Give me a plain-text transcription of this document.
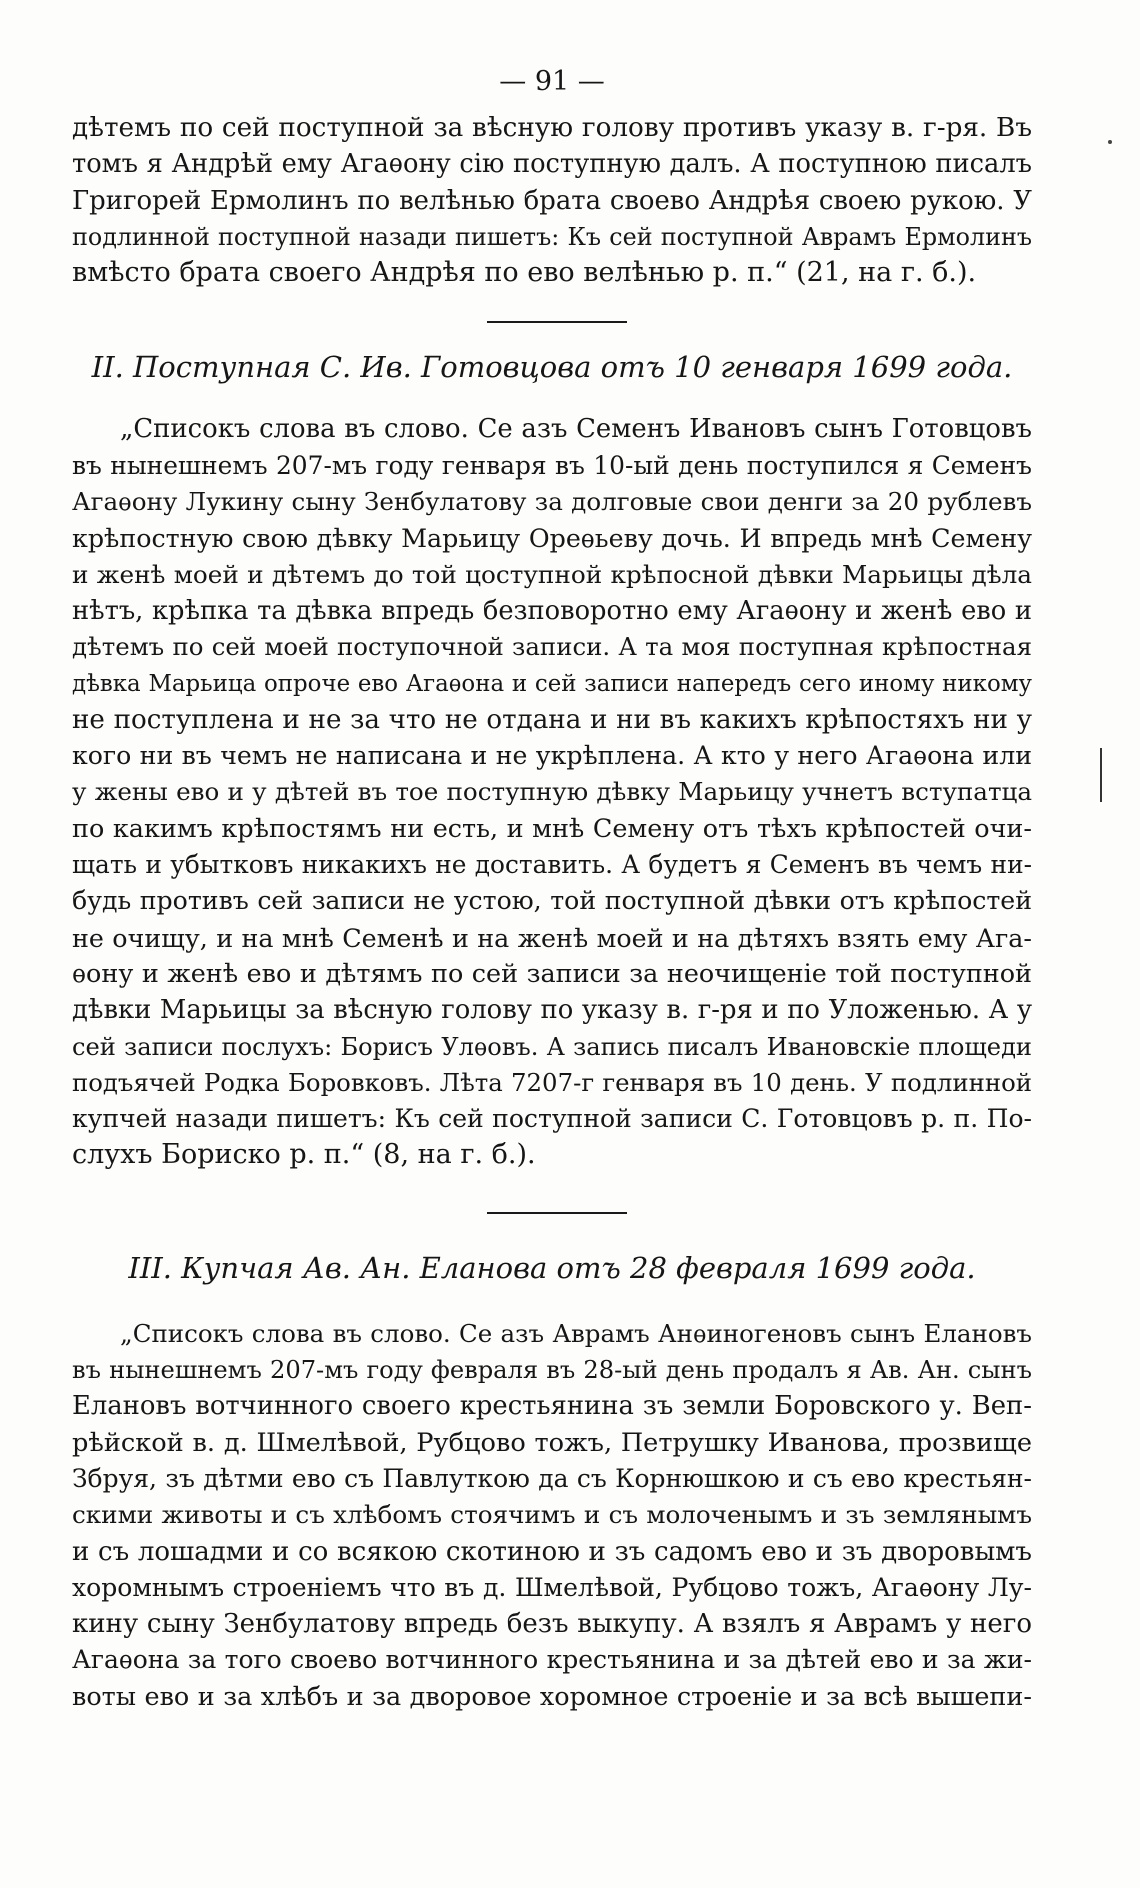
— 91 —
дѣтемъ по сей поступной за вѣсную голову противъ указу в. г-ря. Въ
томъ я Андрѣй ему Агаѳону сiю поступную далъ. А поступною писалъ
Григорей Ермолинъ по велѣнью брата своево Андрѣя своею рукою. У
подлинной поступной назади пишетъ: Къ сей поступной Аврамъ Ермолинъ
вмѣсто брата своего Андрѣя по ево велѣнью р. п.“ (21, на г. б.).
II. Поступная С. Ив. Готовцова отъ 10 генваря 1699 года.
„Списокъ слова въ слово. Се азъ Семенъ Ивановъ сынъ Готовцовъ
въ нынешнемъ 207-мъ году генваря въ 10-ый день поступился я Семенъ
Агаѳону Лукину сыну Зенбулатову за долговые свои денги за 20 рублевъ
крѣпостную свою дѣвку Марьицу Ореѳьеву дочь. И впредь мнѣ Семену
и женѣ моей и дѣтемъ до той цоступной крѣпосной дѣвки Марьицы дѣла
нѣтъ, крѣпка та дѣвка впредь безповоротно ему Агаѳону и женѣ ево и
дѣтемъ по сей моей поступочной записи. А та моя поступная крѣпостная
дѣвка Марьица опроче ево Агаѳона и сей записи напередъ сего иному никому
не поступлена и не за что не отдана и ни въ какихъ крѣпостяхъ ни у
кого ни въ чемъ не написана и не укрѣплена. А кто у него Агаѳона или
у жены ево и у дѣтей въ тое поступную дѣвку Марьицу учнетъ вступатца
по какимъ крѣпостямъ ни есть, и мнѣ Семену отъ тѣхъ крѣпостей очи-
щать и убытковъ никакихъ не доставить. А будетъ я Семенъ въ чемъ ни-
будь противъ сей записи не устою, той поступной дѣвки отъ крѣпостей
не очищу, и на мнѣ Семенѣ и на женѣ моей и на дѣтяхъ взять ему Ага-
ѳону и женѣ ево и дѣтямъ по сей записи за неочищенiе той поступной
дѣвки Марьицы за вѣсную голову по указу в. г-ря и по Уложенью. А у
сей записи послухъ: Борисъ Улѳовъ. А запись писалъ Ивановскiе площеди
подъячей Родка Боровковъ. Лѣта 7207-г генваря въ 10 день. У подлинной
купчей назади пишетъ: Къ сей поступной записи С. Готовцовъ р. п. По-
слухъ Бориско р. п.“ (8, на г. б.).
III. Купчая Ав. Ан. Еланова отъ 28 февраля 1699 года.
„Списокъ слова въ слово. Се азъ Аврамъ Анѳиногеновъ сынъ Елановъ
въ нынешнемъ 207-мъ году февраля въ 28-ый день продалъ я Ав. Ан. сынъ
Елановъ вотчинного своего крестьянина зъ земли Боровского у. Веп-
рѣйской в. д. Шмелѣвой, Рубцово тожъ, Петрушку Иванова, прозвище
Збруя, зъ дѣтми ево съ Павлуткою да съ Корнюшкою и съ ево крестьян-
скими животы и съ хлѣбомъ стоячимъ и съ молоченымъ и зъ землянымъ
и съ лошадми и со всякою скотиною и зъ садомъ ево и зъ дворовымъ
хоромнымъ строенiемъ что въ д. Шмелѣвой, Рубцово тожъ, Агаѳону Лу-
кину сыну Зенбулатову впредь безъ выкупу. А взялъ я Аврамъ у него
Агаѳона за того своево вотчинного крестьянина и за дѣтей ево и за жи-
воты ево и за хлѣбъ и за дворовое хоромное строенiе и за всѣ вышепи-
